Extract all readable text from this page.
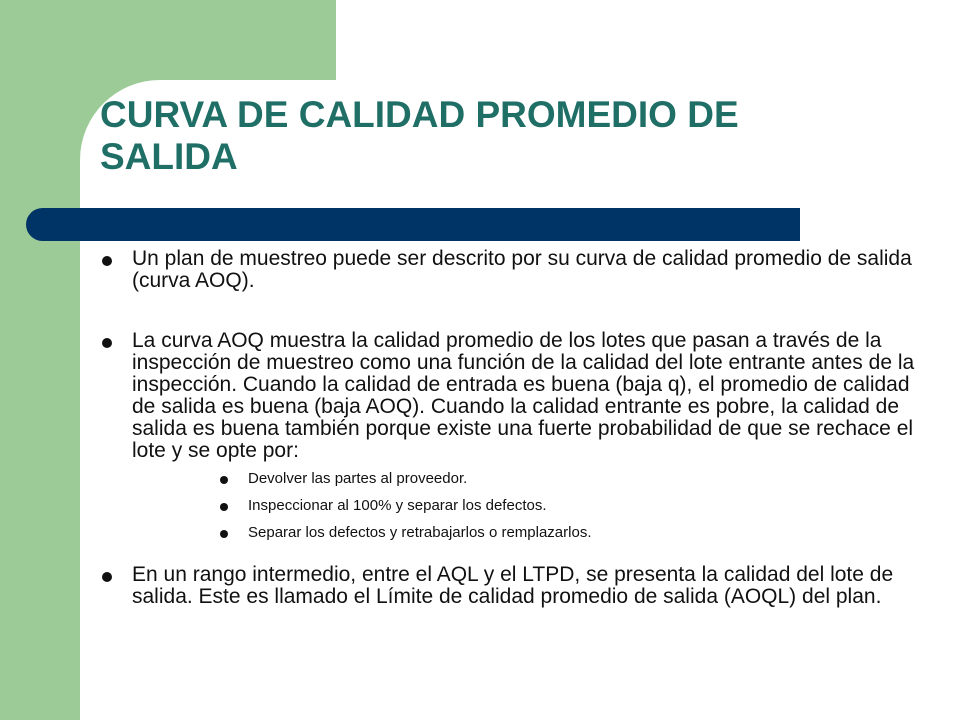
CURVA DE CALIDAD PROMEDIO DE SALIDA
Un plan de muestreo puede ser descrito por su curva de calidad promedio de salida (curva AOQ).
La curva AOQ muestra la calidad promedio de los lotes que pasan a través de la inspección de muestreo como una función de la calidad del lote entrante antes de la inspección. Cuando la calidad de entrada es buena (baja q), el promedio de calidad de salida es buena (baja AOQ). Cuando la calidad entrante es pobre, la calidad de salida es buena también porque existe una fuerte probabilidad de que se rechace el lote y se opte por:
Devolver las partes al proveedor.
Inspeccionar al 100% y separar los defectos.
Separar los defectos y retrabajarlos o remplazarlos.
En un rango intermedio, entre el AQL y el LTPD, se presenta la calidad del lote de salida. Este es llamado el Límite de calidad promedio de salida (AOQL) del plan.
